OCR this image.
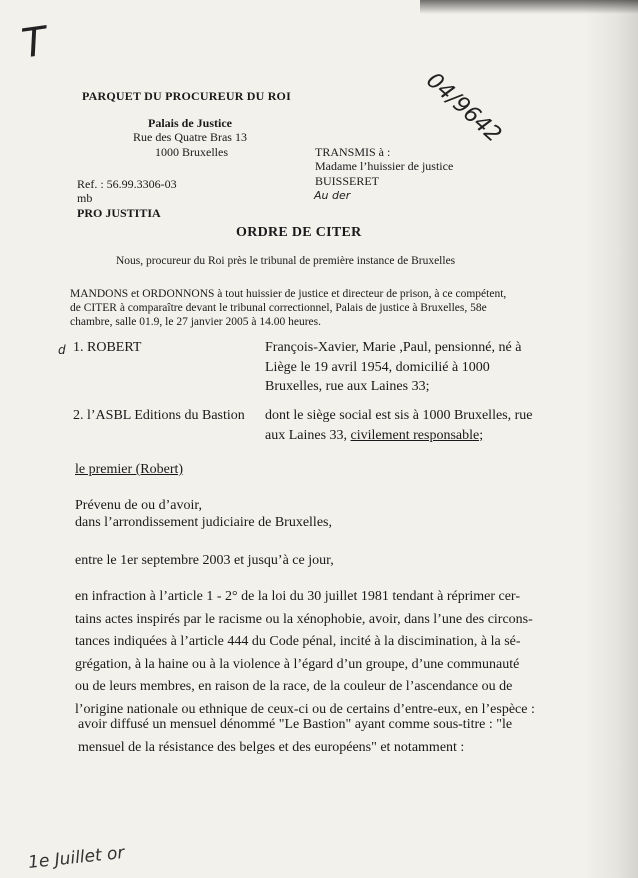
T
04/9642
PARQUET DU PROCUREUR DU ROI
Palais de Justice
Rue des Quatre Bras 13
1000 Bruxelles	TRANSMIS à :
Madame l’huissier de justice
BUISSERET
Au der
Ref. : 56.99.3306-03
mb
PRO JUSTITIA
ORDRE DE CITER
Nous, procureur du Roi près le tribunal de première instance de Bruxelles
MANDONS et ORDONNONS à tout huissier de justice et directeur de prison, à ce compétent,
de CITER à comparaître devant le tribunal correctionnel, Palais de justice à Bruxelles, 58e
chambre, salle 01.9, le 27 janvier 2005 à 14.00 heures.
d 1. ROBERT	François-Xavier, Marie ,Paul, pensionné, né à
Liège le 19 avril 1954, domicilié à 1000
Bruxelles, rue aux Laines 33;
2. l’ASBL Editions du Bastion dont le siège social est sis à 1000 Bruxelles, rue
aux Laines 33, civilement responsable;
le premier (Robert)
Prévenu de ou d’avoir,
dans l’arrondissement judiciaire de Bruxelles,
entre le 1er septembre 2003 et jusqu’à ce jour,
en infraction à l’article 1 - 2° de la loi du 30 juillet 1981 tendant à réprimer cer-
tains actes inspirés par le racisme ou la xénophobie, avoir, dans l’une des circons-
tances indiquées à l’article 444 du Code pénal, incité à la discimination, à la sé-
grégation, à la haine ou à la violence à l’égard d’un groupe, d’une communauté
ou de leurs membres, en raison de la race, de la couleur de l’ascendance ou de
l’origine nationale ou ethnique de ceux-ci ou de certains d’entre-eux, en l’espèce :
avoir diffusé un mensuel dénommé "Le Bastion" ayant comme sous-titre : "le
mensuel de la résistance des belges et des européens" et notamment :
1e Juillet or
